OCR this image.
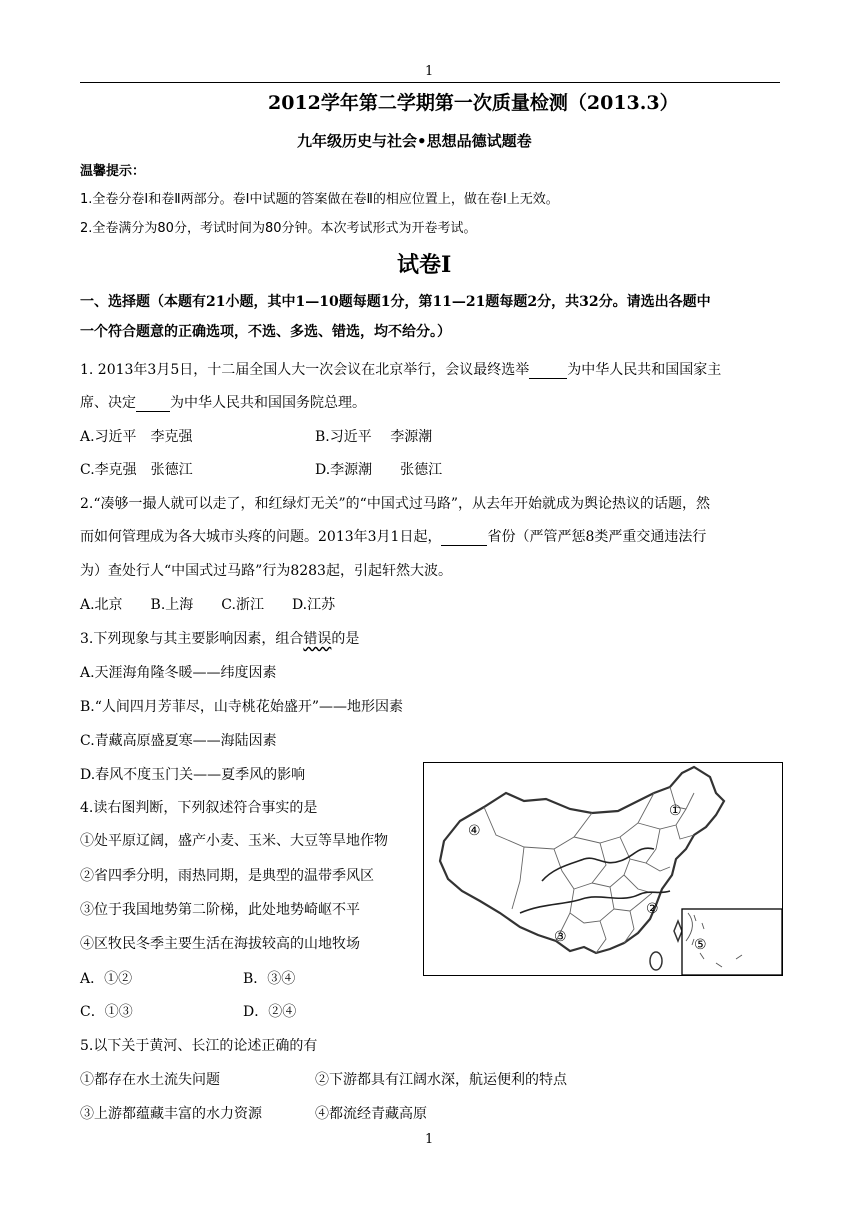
1
2012学年第二学期第一次质量检测（2013.3）
九年级历史与社会•思想品德试题卷
温馨提示：
1.全卷分卷Ⅰ和卷Ⅱ两部分。卷Ⅰ中试题的答案做在卷Ⅱ的相应位置上，做在卷Ⅰ上无效。
2.全卷满分为80分，考试时间为80分钟。本次考试形式为开卷考试。
试卷Ⅰ
一、选择题（本题有21小题，其中1—10题每题1分，第11—21题每题2分，共32分。请选出各题中
一个符合题意的正确选项，不选、多选、错选，均不给分。）
1. 2013年3月5日，十二届全国人大一次会议在北京举行，会议最终选举	为中华人民共和国国家主
席、决定 为中华人民共和国国务院总理。
A.习近平　李克强	B.习近平　 李源潮
C.李克强　张德江	D.李源潮　　张德江
2.“凑够一撮人就可以走了，和红绿灯无关”的“中国式过马路”，从去年开始就成为舆论热议的话题，然
而如何管理成为各大城市头疼的问题。2013年3月1日起，	省份（严管严惩8类严重交通违法行
为）查处行人“中国式过马路”行为8283起，引起轩然大波。
A.北京　　B.上海　　C.浙江　　D.江苏
3.下列现象与其主要影响因素，组合错误的是
A.天涯海角隆冬暖——纬度因素
B.“人间四月芳菲尽，山寺桃花始盛开”——地形因素
C.青藏高原盛夏寒——海陆因素
D.春风不度玉门关——夏季风的影响
4.读右图判断，下列叙述符合事实的是
①处平原辽阔，盛产小麦、玉米、大豆等旱地作物
②省四季分明，雨热同期，是典型的温带季风区
③位于我国地势第二阶梯，此处地势崎岖不平
④区牧民冬季主要生活在海拔较高的山地牧场
A．①②	B．③④
C．①③	D．②④
①
④
②
③	⑤
5.以下关于黄河、长江的论述正确的有
①都存在水土流失问题	②下游都具有江阔水深，航运便利的特点
③上游都蕴藏丰富的水力资源	④都流经青藏高原
1
